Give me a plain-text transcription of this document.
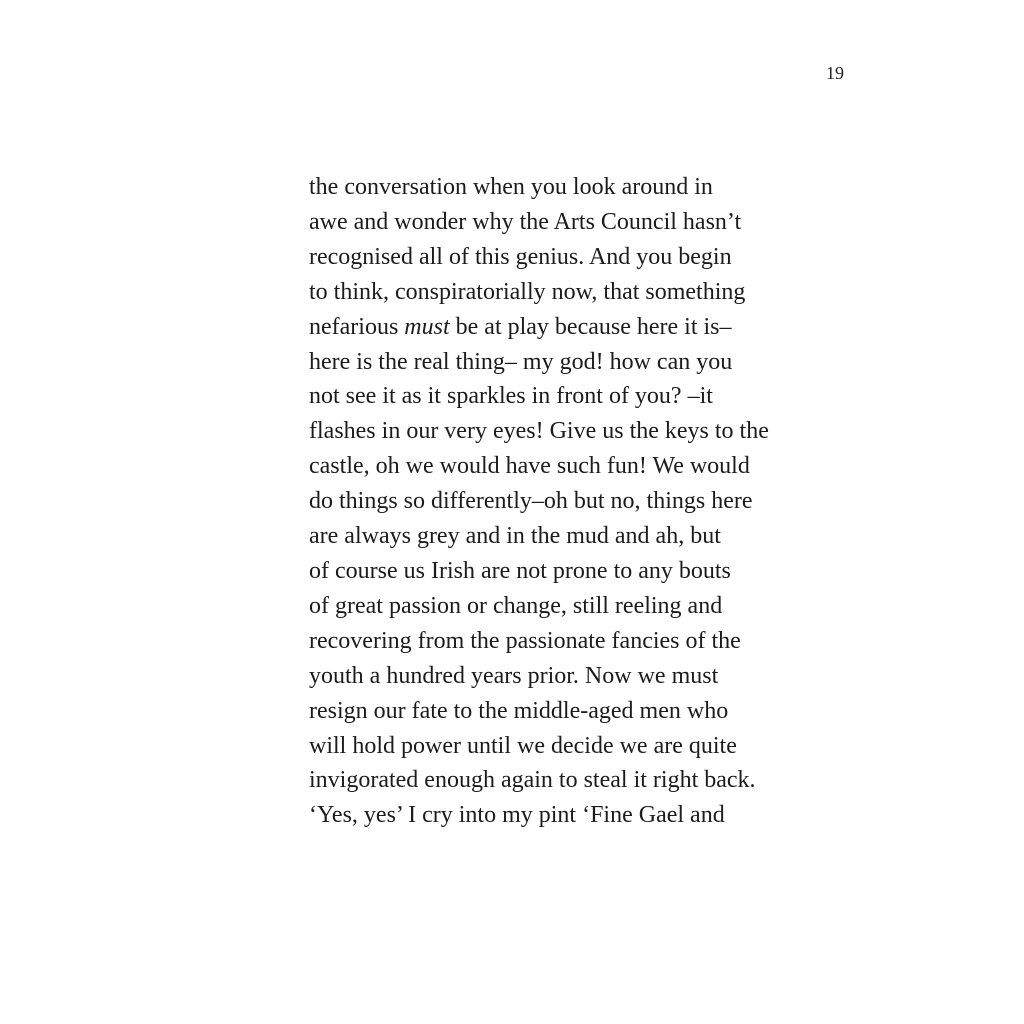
19
the conversation when you look around in
awe and wonder why the Arts Council hasn’t
recognised all of this genius. And you begin
to think, conspiratorially now, that something
nefarious must be at play because here it is–
here is the real thing– my god! how can you
not see it as it sparkles in front of you? –it
flashes in our very eyes! Give us the keys to the
castle, oh we would have such fun! We would
do things so differently–oh but no, things here
are always grey and in the mud and ah, but
of course us Irish are not prone to any bouts
of great passion or change, still reeling and
recovering from the passionate fancies of the
youth a hundred years prior. Now we must
resign our fate to the middle-aged men who
will hold power until we decide we are quite
invigorated enough again to steal it right back.
‘Yes, yes’ I cry into my pint ‘Fine Gael and
